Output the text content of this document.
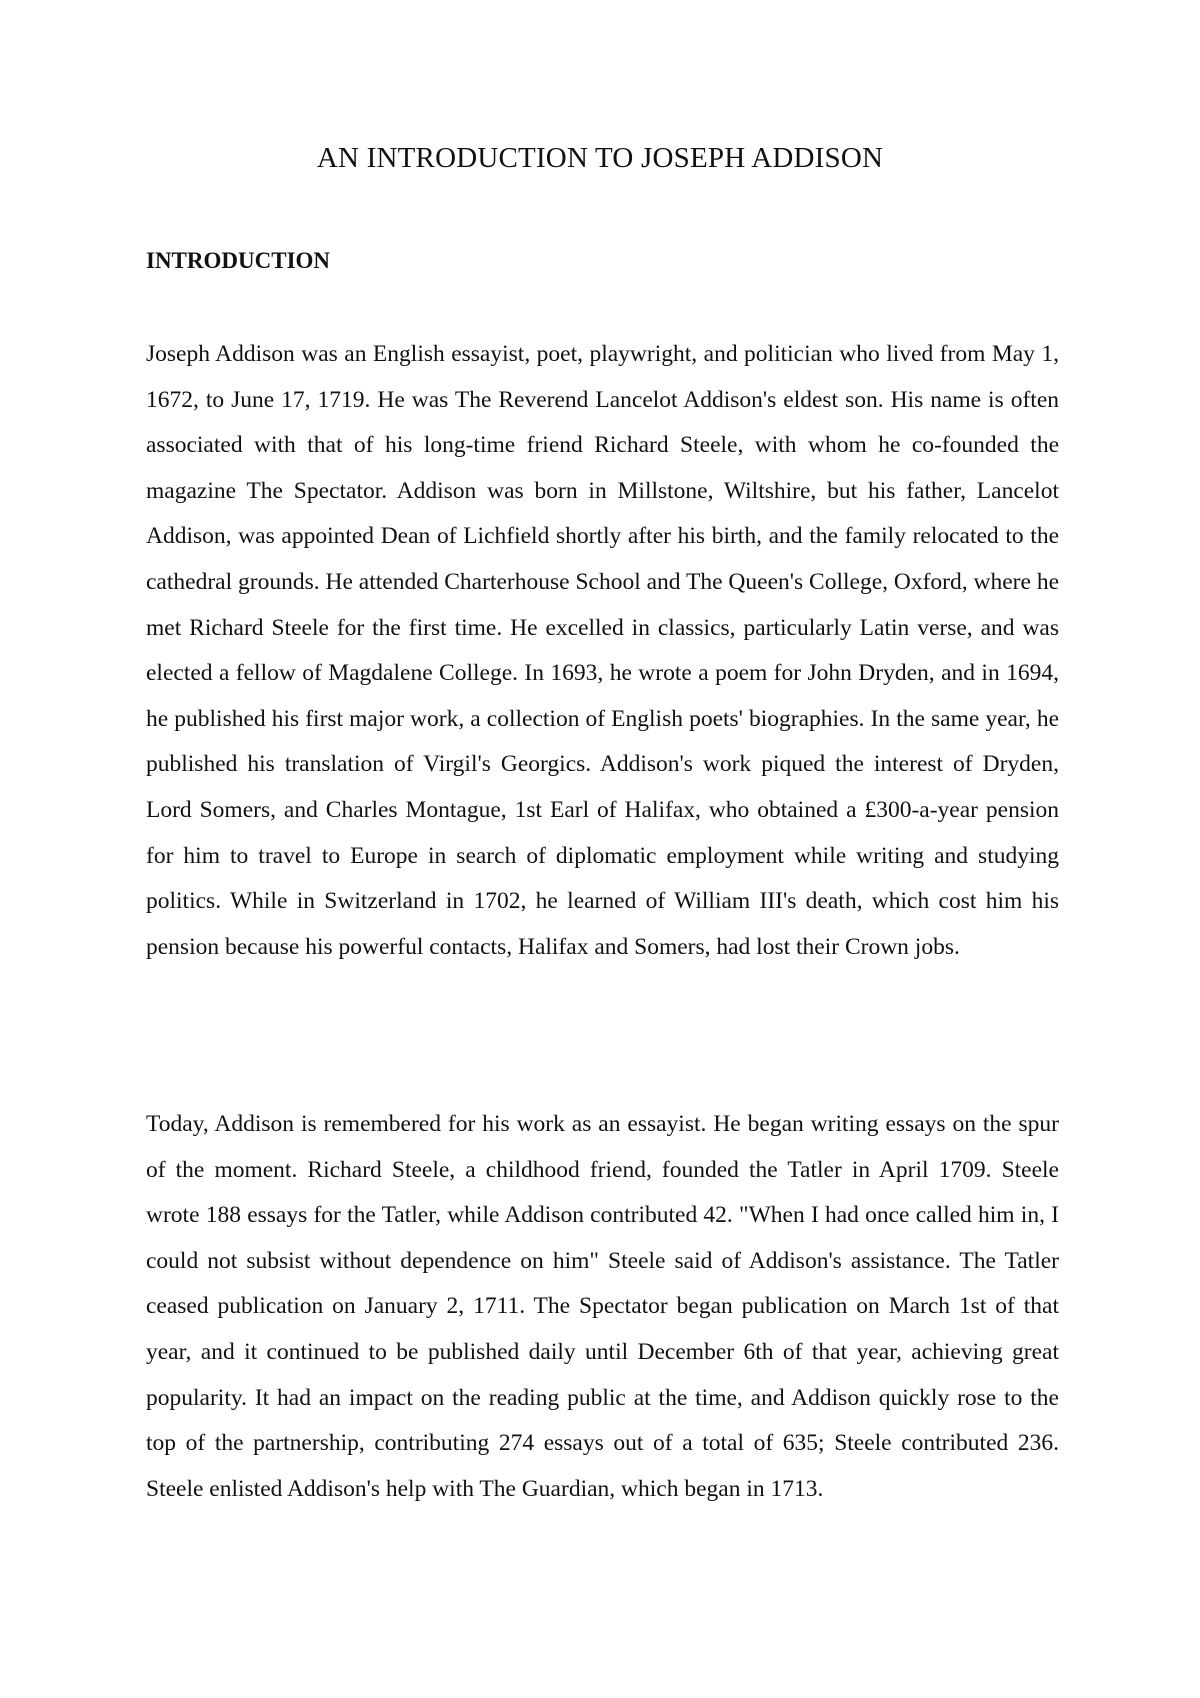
AN INTRODUCTION TO JOSEPH ADDISON
INTRODUCTION

Joseph Addison was an English essayist, poet, playwright, and politician who lived from May 1, 1672, to June 17, 1719. He was The Reverend Lancelot Addison's eldest son. His name is often associated with that of his long-time friend Richard Steele, with whom he co-founded the magazine The Spectator. Addison was born in Millstone, Wiltshire, but his father, Lancelot Addison, was appointed Dean of Lichfield shortly after his birth, and the family relocated to the cathedral grounds. He attended Charterhouse School and The Queen's College, Oxford, where he met Richard Steele for the first time. He excelled in classics, particularly Latin verse, and was elected a fellow of Magdalene College. In 1693, he wrote a poem for John Dryden, and in 1694, he published his first major work, a collection of English poets' biographies. In the same year, he published his translation of Virgil's Georgics. Addison's work piqued the interest of Dryden, Lord Somers, and Charles Montague, 1st Earl of Halifax, who obtained a £300-a-year pension for him to travel to Europe in search of diplomatic employment while writing and studying politics. While in Switzerland in 1702, he learned of William III's death, which cost him his pension because his powerful contacts, Halifax and Somers, had lost their Crown jobs.

Today, Addison is remembered for his work as an essayist. He began writing essays on the spur of the moment. Richard Steele, a childhood friend, founded the Tatler in April 1709. Steele wrote 188 essays for the Tatler, while Addison contributed 42. "When I had once called him in, I could not subsist without dependence on him" Steele said of Addison's assistance. The Tatler ceased publication on January 2, 1711. The Spectator began publication on March 1st of that year, and it continued to be published daily until December 6th of that year, achieving great popularity. It had an impact on the reading public at the time, and Addison quickly rose to the top of the partnership, contributing 274 essays out of a total of 635; Steele contributed 236. Steele enlisted Addison's help with The Guardian, which began in 1713.
